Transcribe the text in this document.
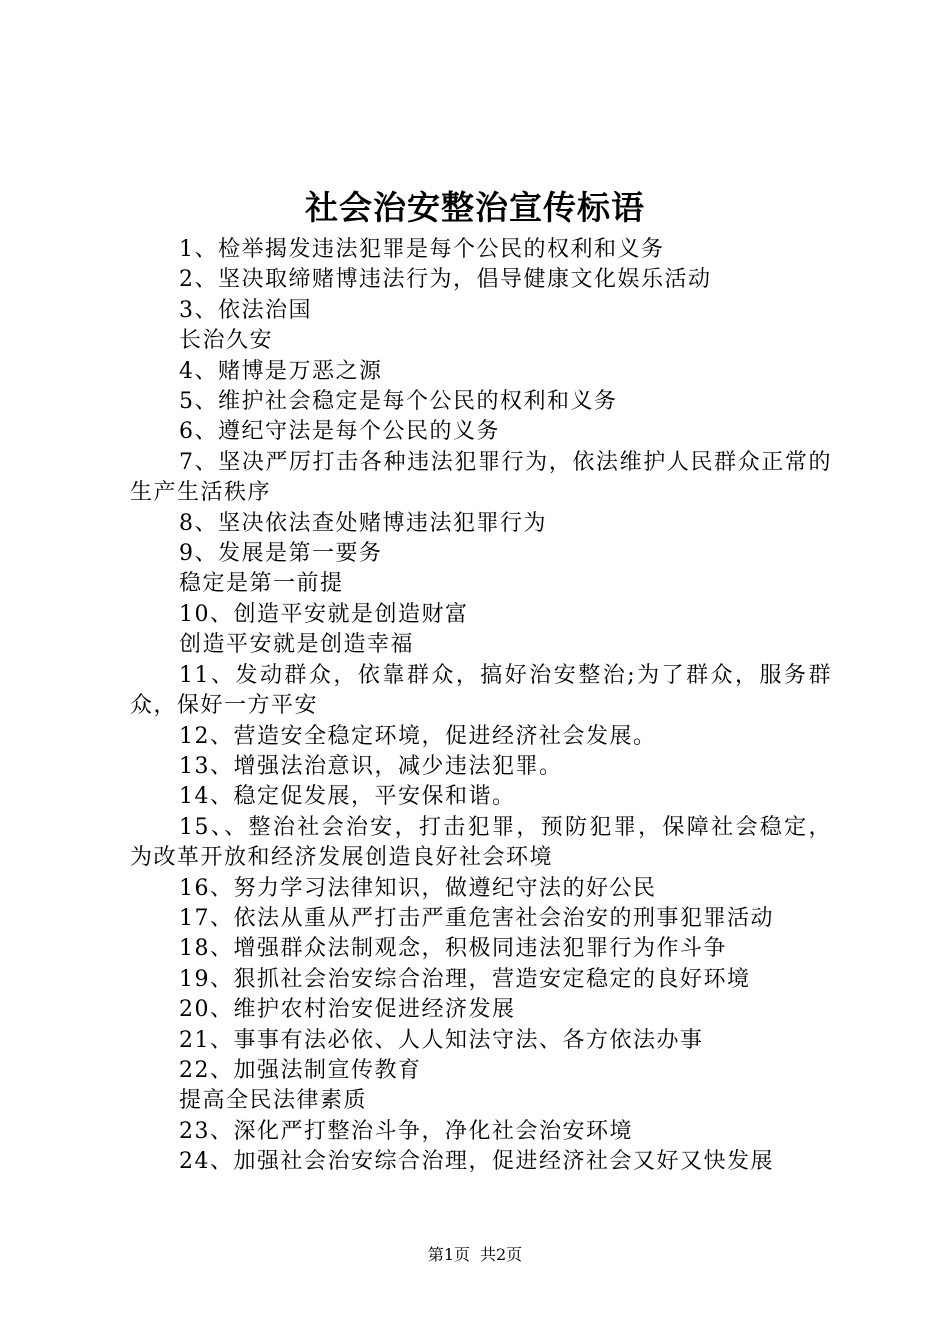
社会治安整治宣传标语

1、检举揭发违法犯罪是每个公民的权利和义务

2、坚决取缔赌博违法行为，倡导健康文化娱乐活动

3、依法治国

长治久安

4、赌博是万恶之源

5、维护社会稳定是每个公民的权利和义务

6、遵纪守法是每个公民的义务

7、坚决严厉打击各种违法犯罪行为，依法维护人民群众正常的生产生活秩序

8、坚决依法查处赌博违法犯罪行为

9、发展是第一要务

稳定是第一前提

10、创造平安就是创造财富

创造平安就是创造幸福

11、发动群众，依靠群众，搞好治安整治;为了群众，服务群众，保好一方平安

12、营造安全稳定环境，促进经济社会发展。

13、增强法治意识，减少违法犯罪。

14、稳定促发展，平安保和谐。

15、、整治社会治安，打击犯罪，预防犯罪，保障社会稳定，为改革开放和经济发展创造良好社会环境

16、努力学习法律知识，做遵纪守法的好公民

17、依法从重从严打击严重危害社会治安的刑事犯罪活动

18、增强群众法制观念，积极同违法犯罪行为作斗争

19、狠抓社会治安综合治理，营造安定稳定的良好环境

20、维护农村治安促进经济发展

21、事事有法必依、人人知法守法、各方依法办事

22、加强法制宣传教育

提高全民法律素质

23、深化严打整治斗争，净化社会治安环境

24、加强社会治安综合治理，促进经济社会又好又快发展

第1页 共2页
